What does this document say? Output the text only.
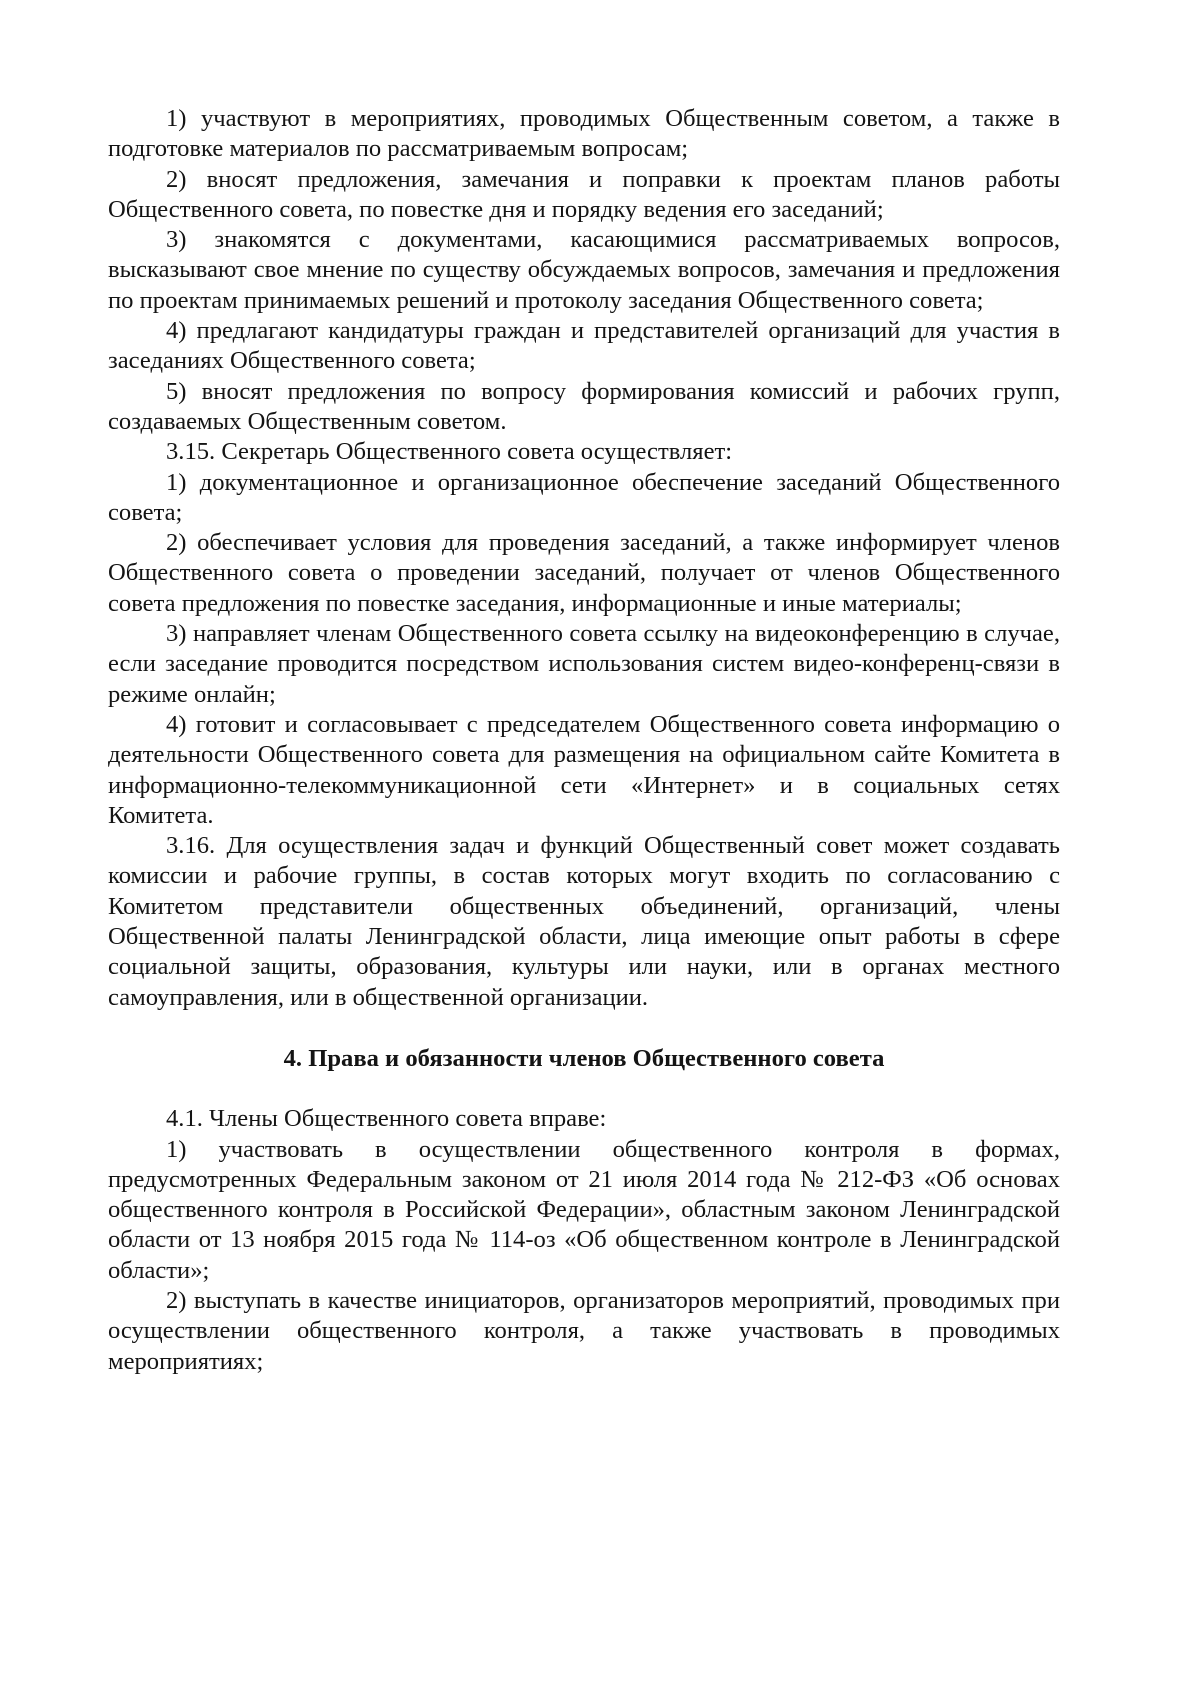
1) участвуют в мероприятиях, проводимых Общественным советом, а также в подготовке материалов по рассматриваемым вопросам;

2) вносят предложения, замечания и поправки к проектам планов работы Общественного совета, по повестке дня и порядку ведения его заседаний;

3) знакомятся с документами, касающимися рассматриваемых вопросов, высказывают свое мнение по существу обсуждаемых вопросов, замечания и предложения по проектам принимаемых решений и протоколу заседания Общественного совета;

4) предлагают кандидатуры граждан и представителей организаций для участия в заседаниях Общественного совета;

5) вносят предложения по вопросу формирования комиссий и рабочих групп, создаваемых Общественным советом.

3.15. Секретарь Общественного совета осуществляет:

1) документационное и организационное обеспечение заседаний Общественного совета;

2) обеспечивает условия для проведения заседаний, а также информирует членов Общественного совета о проведении заседаний, получает от членов Общественного совета предложения по повестке заседания, информационные и иные материалы;

3) направляет членам Общественного совета ссылку на видеоконференцию в случае, если заседание проводится посредством использования систем видео-конференц-связи в режиме онлайн;

4) готовит и согласовывает с председателем Общественного совета информацию о деятельности Общественного совета для размещения на официальном сайте Комитета в информационно-телекоммуникационной сети «Интернет» и в социальных сетях Комитета.

3.16. Для осуществления задач и функций Общественный совет может создавать комиссии и рабочие группы, в состав которых могут входить по согласованию с Комитетом представители общественных объединений, организаций, члены Общественной палаты Ленинградской области, лица имеющие опыт работы в сфере социальной защиты, образования, культуры или науки, или в органах местного самоуправления, или в общественной организации.

4. Права и обязанности членов Общественного совета

4.1. Члены Общественного совета вправе:

1) участвовать в осуществлении общественного контроля в формах, предусмотренных Федеральным законом от 21 июля 2014 года № 212-ФЗ «Об основах общественного контроля в Российской Федерации», областным законом Ленинградской области от 13 ноября 2015 года № 114-оз «Об общественном контроле в Ленинградской области»;

2) выступать в качестве инициаторов, организаторов мероприятий, проводимых при осуществлении общественного контроля, а также участвовать в проводимых мероприятиях;
